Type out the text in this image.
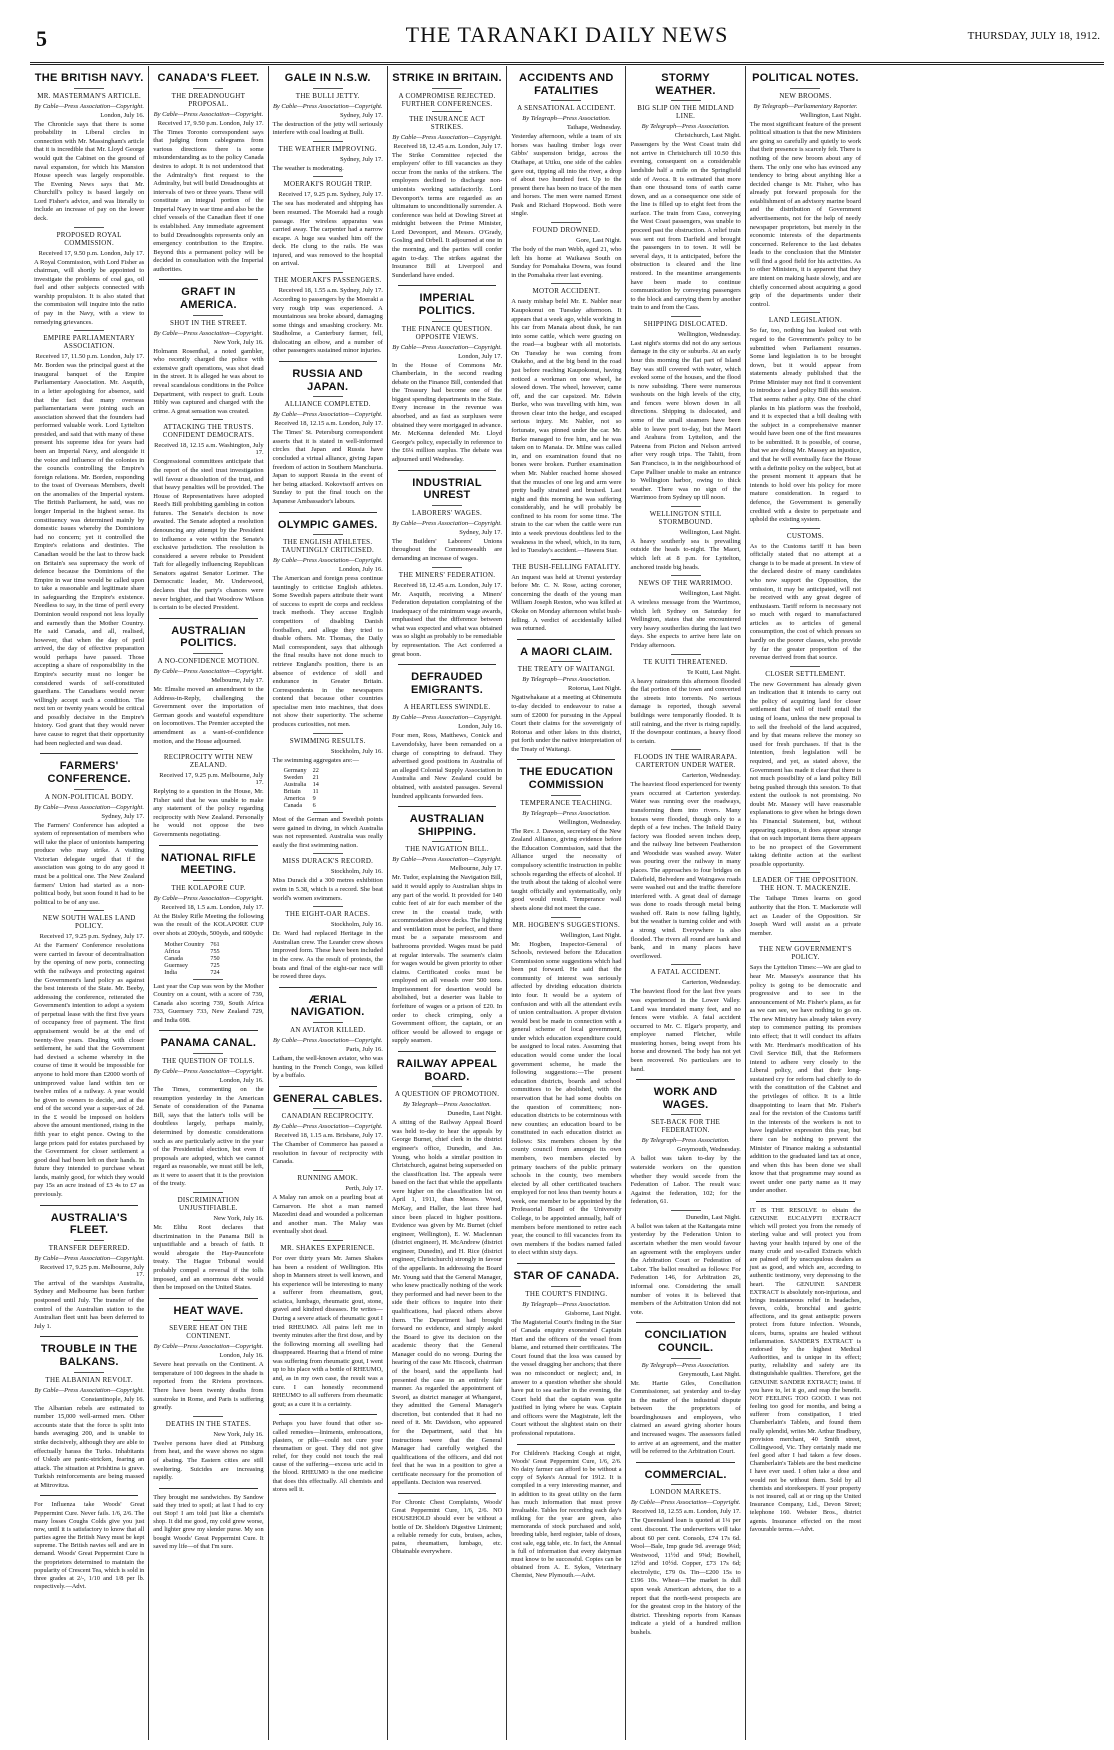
5	THE TARANAKI DAILY NEWS	THURSDAY, JULY 18, 1912.
THE BRITISH NAVY.
MR. MASTERMAN'S ARTICLE.
By Cable—Press Association—Copyright.
London, July 16.
The Chronicle says that there is some probability in Liberal circles in connection with Mr. Massingham's article that it is incredible that Mr. Lloyd George would quit the Cabinet on the ground of naval expansion, for which his Mansion House speech was largely responsible. The Evening News says that Mr. Churchill's policy is based largely on Lord Fisher's advice, and was literally to include an increase of pay on the lower deck.
PROPOSED ROYAL COMMISSION.
Received 17, 9.50 p.m. London, July 17.
A Royal Commission, with Lord Fisher as chairman, will shortly be appointed to investigate the problems of coal gas, oil fuel and other subjects connected with warship propulsion. It is also stated that the commission will inquire into the ratio of pay in the Navy, with a view to remedying grievances.
EMPIRE PARLIAMENTARY ASSOCIATION.
Received 17, 11.50 p.m. London, July 17.
Mr. Borden was the principal guest at the inaugural banquet of the Empire Parliamentary Association. Mr. Asquith, in a letter apologising for absence, said that the fact that many overseas parliamentarians were joining such an association showed that the founders had performed valuable work. Lord Lyttelton presided, and said that with many of these present his supreme idea for years had been an Imperial Navy, and alongside it the voice and influence of the colonies in the councils controlling the Empire's foreign relations. Mr. Borden, responding to the toast of Overseas Members, dwelt on the anomalies of the Imperial system. The British Parliament, he said, was no longer Imperial in the highest sense. Its constituency was determined mainly by domestic issues whereby the Dominions had no concern; yet it controlled the Empire's relations and destinies. The Canadian would be the last to throw back on Britain's sea supremacy the work of defence because the Dominions of the Empire in war time would be called upon to take a reasonable and legitimate share in safeguarding the Empire's existence. Needless to say, in the time of peril every Dominion would respond not less loyally and earnestly than the Mother Country. He said Canada, and all, realised, however, that when the day of peril arrived, the day of effective preparation would perhaps have passed. Those accepting a share of responsibility in the Empire's security must no longer be considered wards of self-constituted guardians. The Canadians would never willingly accept such a condition. The next ten or twenty years would be critical and possibly decisive in the Empire's history. God grant that they would never have cause to regret that their opportunity had been neglected and was dead.
FARMERS' CONFERENCE.
A NON-POLITICAL BODY.
By Cable—Press Association—Copyright.
Sydney, July 17.
The Farmers' Conference has adopted a system of representation of members who will take the place of unionists hampering produce who may strike. A visiting Victorian delegate urged that if the association was going to do any good it must be a political one. The New Zealand farmers' Union had started as a non-political body, but soon found it had to be political to be of any use.
NEW SOUTH WALES LAND POLICY.
Received 17, 9.25 p.m. Sydney, July 17.
At the Farmers' Conference resolutions were carried in favour of decentralisation by the opening of new ports, connecting with the railways and protecting against the Government's land policy as against the best interests of the State. Mr. Beeby, addressing the conference, reiterated the Government's intention to adopt a system of perpetual lease with the first five years of occupancy free of payment. The first appraisement would be at the end of twenty-five years. Dealing with closer settlement, he said that the Government had devised a scheme whereby in the course of time it would be impossible for anyone to hold more than £2000 worth of unimproved value land within ten or twelve miles of a railway. A year would be given to owners to decide, and at the end of the second year a super-tax of 2d. in the £ would be imposed on holders above the amount mentioned, rising in the fifth year to eight pence. Owing to the large prices paid for estates purchased by the Government for closer settlement a good deal had been left on their hands. In future they intended to purchase wheat lands, mainly good, for which they would pay 15s an acre instead of £3 4s to £7 as previously.
AUSTRALIA'S FLEET.
TRANSFER DEFERRED.
By Cable—Press Association—Copyright.
Received 17, 9.25 p.m. Melbourne, July 17.
The arrival of the warships Australia, Sydney and Melbourne has been further postponed until July. The transfer of the control of the Australian station to the Australian fleet unit has been deferred to July 1.
TROUBLE IN THE BALKANS.
THE ALBANIAN REVOLT.
By Cable—Press Association—Copyright.
Constantinople, July 16.
The Albanian rebels are estimated to number 15,000 well-armed men. Other accounts state that the force is split into bands averaging 200, and is unable to strike decisively, although they are able to effectually harass the Turks. Inhabitants of Uskub are panic-stricken, fearing an attack. The situation at Prishtina is grave. Turkish reinforcements are being massed at Mitrovitza.
For Influenza take Woods' Great Peppermint Cure. Never fails. 1/6, 2/6. The many losses Coughs Colds give you just now, until it is satisfactory to know that all parties agree the British Navy must be kept supreme. The British navies sell and are in demand. Woods' Great Peppermint Cure is the proprietors determined to maintain the popularity of Crescent Tea, which is sold in three grades at 2/-, 1/10 and 1/8 per lb. respectively.—Advt.
CANADA'S FLEET.
THE DREADNOUGHT PROPOSAL.
By Cable—Press Association—Copyright.
Received 17, 9.50 p.m. London, July 17.
The Times Toronto correspondent says that judging from cablegrams from various directions there is some misunderstanding as to the policy Canada desires to adopt. It is not understood that the Admiralty's first request to the Admiralty, but will build Dreadnoughts at intervals of two or three years. These will constitute an integral portion of the Imperial Navy in war time and also be the chief vessels of the Canadian fleet if one is established. Any immediate agreement to build Dreadnoughts represents only an emergency contribution to the Empire. Beyond this a permanent policy will be decided in consultation with the Imperial authorities.
GRAFT IN AMERICA.
SHOT IN THE STREET.
By Cable—Press Association—Copyright.
New York, July 16.
Holmann Rosenthal, a noted gambler, who recently charged the police with extensive graft operations, was shot dead in the street. It is alleged he was about to reveal scandalous conditions in the Police Department, with respect to graft. Louis Hibly was captured and charged with the crime. A great sensation was created.
ATTACKING THE TRUSTS. CONFIDENT DEMOCRATS.
Received 18, 12.15 a.m. Washington, July 17.
Congressional committees anticipate that the report of the steel trust investigation will favour a dissolution of the trust, and that heavy penalties will be provided. The House of Representatives have adopted Reed's Bill prohibiting gambling in cotton futures. The Senate's decision is now awaited. The Senate adopted a resolution denouncing any attempt by the President to influence a vote within the Senate's exclusive jurisdiction. The resolution is considered a severe rebuke to President Taft for allegedly influencing Republican Senators against Senator Lorimer. The Democratic leader, Mr. Underwood, declares that the party's chances were never brighter, and that Woodrow Wilson is certain to be elected President.
AUSTRALIAN POLITICS.
A NO-CONFIDENCE MOTION.
By Cable—Press Association—Copyright.
Melbourne, July 17.
Mr. Elmslie moved an amendment to the Address-in-Reply, challenging the Government over the importation of German goods and wasteful expenditure on locomotives. The Premier accepted the amendment as a want-of-confidence motion, and the House adjourned.
RECIPROCITY WITH NEW ZEALAND.
Received 17, 9.25 p.m. Melbourne, July 17.
Replying to a question in the House, Mr. Fisher said that he was unable to make any statement of the policy regarding reciprocity with New Zealand. Personally he would not oppose the two Governments negotiating.
NATIONAL RIFLE MEETING.
THE KOLAPORE CUP.
By Cable—Press Association—Copyright.
Received 18, 1.5 a.m. London, July 17.
At the Bisley Rifle Meeting the following was the result of the KOLAPORE CUP over shots at 200yds, 500yds, and 600yds:
Mother Country	761
Africa	755
Canada	750
Guernsey	725
India	724
Last year the Cup was won by the Mother Country on a count, with a score of 739, Canada also scoring 739, South Africa 733, Guernsey 733, New Zealand 729, and India 698.
PANAMA CANAL.
THE QUESTION OF TOLLS.
By Cable—Press Association—Copyright.
London, July 16.
The Times, commenting on the resumption yesterday in the American Senate of consideration of the Panama Bill, says that the latter's tolls will be doubtless largely, perhaps mainly, determined by domestic considerations such as are particularly active in the year of the Presidential election, but even if proposals are adopted, which we cannot regard as reasonable, we must still be left, as it were to assert that it is the provision of the treaty.
DISCRIMINATION UNJUSTIFIABLE.
New York, July 16.
Mr. Elihu Root declares that discrimination in the Panama Bill is unjustifiable and a breach of faith. It would abrogate the Hay-Pauncefote treaty. The Hague Tribunal would probably compel a reversal if the tolls imposed, and an enormous debt would then be imposed on the United States.
HEAT WAVE.
SEVERE HEAT ON THE CONTINENT.
By Cable—Press Association—Copyright.
London, July 16.
Severe heat prevails on the Continent. A temperature of 100 degrees in the shade is reported from the Riviera provinces. There have been twenty deaths from sunstroke in Rome, and Paris is suffering greatly.
DEATHS IN THE STATES.
New York, July 16.
Twelve persons have died at Pittsburg from heat, and the wave shows no signs of abating. The Eastern cities are still sweltering. Suicides are increasing rapidly.
They brought me sandwiches. By Sandow said they tried to spoil; at last I had to cry out Stop! I am told just like a chemist's shop. It did me good, my cold grew worse, and lighter grew my slender purse. My son bought Woods' Great Peppermint Cure. It saved my life—of that I'm sure.
GALE IN N.S.W.
THE BULLI JETTY.
By Cable—Press Association—Copyright.
Sydney, July 17.
The destruction of the jetty will seriously interfere with coal loading at Bulli.
THE WEATHER IMPROVING.
Sydney, July 17.
The weather is moderating.
MOERAKI'S ROUGH TRIP.
Received 17, 9.25 p.m. Sydney, July 17.
The sea has moderated and shipping has been resumed. The Moeraki had a rough passage. Her wireless apparatus was carried away. The carpenter had a narrow escape. A huge sea washed him off the deck. He clung to the rails. He was injured, and was removed to the hospital on arrival.
THE MOERAKI'S PASSENGERS.
Received 18, 1.55 a.m. Sydney, July 17.
According to passengers by the Moeraki a very rough trip was experienced. A mountainous sea broke aboard, damaging some things and smashing crockery. Mr. Studholme, a Canterbury farmer, fell, dislocating an elbow, and a number of other passengers sustained minor injuries.
RUSSIA AND JAPAN.
ALLIANCE COMPLETED.
By Cable—Press Association—Copyright.
Received 18, 12.15 a.m. London, July 17.
The Times' St. Petersburg correspondent asserts that it is stated in well-informed circles that Japan and Russia have concluded a virtual alliance, giving Japan freedom of action in Southern Manchuria. Japan to support Russia in the event of her being attacked. Kokovtsoff arrives on Sunday to put the final touch on the Japanese Ambassador's labours.
OLYMPIC GAMES.
THE ENGLISH ATHLETES. TAUNTINGLY CRITICISED.
By Cable—Press Association—Copyright.
London, July 16.
The American and foreign press continue tauntingly to criticise English athletes. Some Swedish papers attribute their want of success to esprit de corps and reckless track methods. They accuse English competitors of disabling Danish footballers, and allege they tried to disable others. Mr. Thomas, the Daily Mail correspondent, says that although the final results have not done much to retrieve England's position, there is an absence of evidence of skill and endurance in Greater Britain. Correspondents in the newspapers contend that because other countries specialise men into machines, that does not show their superiority. The scheme produces curiosities, not men.
SWIMMING RESULTS.
Stockholm, July 16.
The swimming aggregates are:—
Germany	22
Sweden	21
Australia	14
Britain	11
America	9
Canada	6
Most of the German and Swedish points were gained in diving, in which Australia was not represented. Australia was really easily the first swimming nation.
MISS DURACK'S RECORD.
Stockholm, July 16.
Miss Durack did a 300 metres exhibition swim in 5.38, which is a record. She beat world's women swimmers.
THE EIGHT-OAR RACES.
Stockholm, July 16.
Dr. Ward had replaced Heritage in the Australian crew. The Leander crew shows improved form. These have been included in the crew. As the result of protests, the boats and final of the eight-oar race will be rowed three days.
ÆRIAL NAVIGATION.
AN AVIATOR KILLED.
By Cable—Press Association—Copyright.
Paris, July 16.
Latham, the well-known aviator, who was hunting in the French Congo, was killed by a buffalo.
GENERAL CABLES.
CANADIAN RECIPROCITY.
By Cable—Press Association—Copyright.
Received 18, 1.15 a.m. Brisbane, July 17.
The Chamber of Commerce has passed a resolution in favour of reciprocity with Canada.
RUNNING AMOK.
Perth, July 17.
A Malay ran amok on a pearling boat at Carnarvon. He shot a man named Mazedini dead and wounded a policeman and another man. The Malay was eventually shot dead.
MR. SHAKES EXPERIENCE.
For over thirty years Mr. James Shakes has been a resident of Wellington. His shop in Manners street is well known, and his experience will be interesting to many a sufferer from rheumatism, gout, sciatica, lumbago, rheumatic gout, stone, gravel and kindred diseases. He writes— During a severe attack of rheumatic gout I tried RHEUMO. All pains left me in twenty minutes after the first dose, and by the following morning all swelling had disappeared. Hearing that a friend of mine was suffering from rheumatic gout, I went up to his place with a bottle of RHEUMO, and, as in my own case, the result was a cure. I can honestly recommend RHEUMO to all sufferers from rheumatic gout; as a cure it is a certainty.
Perhaps you have found that other so-called remedies—liniments, embrocations, plasters, or pills—could not cure your rheumatism or gout. They did not give relief, for they could not touch the real cause of the suffering—excess uric acid in the blood. RHEUMO is the one medicine that does this effectually. All chemists and stores sell it.
STRIKE IN BRITAIN.
A COMPROMISE REJECTED. FURTHER CONFERENCES.
THE INSURANCE ACT STRIKES.
By Cable—Press Association—Copyright.
Received 18, 12.45 a.m. London, July 17.
The Strike Committee rejected the employers' offer to fill vacancies as they occur from the ranks of the strikers. The employers declined to discharge non-unionists working satisfactorily. Lord Devonport's terms are regarded as an ultimatum to unconditionally surrender. A conference was held at Dowling Street at midnight between the Prime Minister, Lord Devonport, and Messrs. O'Grady, Gosling and Orbell. It adjourned at one in the morning, and the parties will confer again to-day. The strikes against the Insurance Bill at Liverpool and Sunderland have ended.
IMPERIAL POLITICS.
THE FINANCE QUESTION. OPPOSITE VIEWS.
By Cable—Press Association—Copyright.
London, July 17.
In the House of Commons Mr. Chamberlain, in the second reading debate on the Finance Bill, contended that the Treasury had become one of the biggest spending departments in the State. Every increase in the revenue was absorbed, and as fast as surpluses were obtained they were mortgaged in advance. Mr. McKenna defended Mr. Lloyd George's policy, especially in reference to the £6¼ million surplus. The debate was adjourned until Wednesday.
INDUSTRIAL UNREST
LABORERS' WAGES.
By Cable—Press Association—Copyright.
Sydney, July 17.
The Builders' Laborers' Unions throughout the Commonwealth are demanding an increase of wages.
THE MINERS' FEDERATION.
Received 18, 12.45 a.m. London, July 17.
Mr. Asquith, receiving a Miners' Federation deputation complaining of the inadequacy of the minimum wage awards, emphasised that the difference between what was expected and what was obtained was so slight as probably to be remediable by representation. The Act conferred a great boon.
DEFRAUDED EMIGRANTS.
A HEARTLESS SWINDLE.
By Cable—Press Association—Copyright.
London, July 16.
Four men, Ross, Matthews, Conick and Lavendofsky, have been remanded on a charge of conspiring to defraud. They advertised good positions in Australia of an alleged Colonial Supply Association in Australia and New Zealand could be obtained, with assisted passages. Several hundred applicants forwarded fees.
AUSTRALIAN SHIPPING.
THE NAVIGATION BILL.
By Cable—Press Association—Copyright.
Melbourne, July 17.
Mr. Tudor, explaining the Navigation Bill, said it would apply to Australian ships in any part of the world. It provided for 140 cubic feet of air for each member of the crew in the coastal trade, with accommodation above decks. The lighting and ventilation must be perfect, and there must be a separate messroom and bathrooms provided. Wages must be paid at regular intervals. The seamen's claim for wages would be given priority to other claims. Certificated cooks must be employed on all vessels over 500 tons. Imprisonment for desertion would be abolished, but a deserter was liable to forfeiture of wages or a prison of £20. In order to check crimping, only a Government officer, the captain, or an officer would be allowed to engage or supply seamen.
RAILWAY APPEAL BOARD.
A QUESTION OF PROMOTION.
By Telegraph—Press Association.
Dunedin, Last Night.
A sitting of the Railway Appeal Board was held to-day to hear the appeals by George Burnet, chief clerk in the district engineer's office, Dunedin, and Jas. Young, who holds a similar position in Christchurch, against being superseded on the classification list. The appeals were based on the fact that while the appellants were higher on the classification list on April 1, 1911, than Messrs. Wood, McKay, and Haller, the last three had since been placed in higher positions. Evidence was given by Mr. Burnet (chief engineer, Wellington), E. W. Maclennan (district engineer), H. McAndrew (district engineer, Dunedin), and H. Rice (district engineer, Christchurch) strongly in favour of the appellants. In addressing the Board Mr. Young said that the General Manager, who knew practically nothing of the work they performed and had never been to the side their offices to inquire into their qualifications, had placed others above them. The Department had brought forward no evidence, and simply asked the Board to give its decision on the academic theory that the General Manager could do no wrong. During the hearing of the case Mr. Hiscock, chairman of the board, said the appellants had presented the case in an entirely fair manner. As regarded the appointment of Sword, as district manager at Whangarei, they admitted the General Manager's discretion, but contended that it had no need of it. Mr. Davidson, who appeared for the Department, said that his instructions were that the General Manager had carefully weighed the qualifications of the officers, and did not feel that he was in a position to give a certificate necessary for the promotion of appellants. Decision was reserved.
For Chronic Chest Complaints, Woods' Great Peppermint Cure, 1/6, 2/6. NO HOUSEHOLD should ever be without a bottle of Dr. Sheldon's Digestive Liniment; a reliable remedy for cuts, bruises, aches, pains, rheumatism, lumbago, etc. Obtainable everywhere.
ACCIDENTS AND FATALITIES
A SENSATIONAL ACCIDENT.
By Telegraph—Press Association.
Taihape, Wednesday.
Yesterday afternoon, while a team of six horses was hauling timber logs over Gibbs' suspension bridge, across the Otaihape, at Utiku, one side of the cables gave out, tipping all into the river, a drop of about two hundred feet. Up to the present there has been no trace of the men and horses. The men were named Ernest Pask and Richard Hopwood. Both were single.
FOUND DROWNED.
Gore, Last Night.
The body of the man Webb, aged 21, who left his home at Waikawa South on Sunday for Pomahaka Downs, was found in the Pomahaka river last evening.
MOTOR ACCIDENT.
A nasty mishap befel Mr. E. Nabler near Kaupokonui on Tuesday afternoon. It appears that a week ago, while working in his car from Manaia about dusk, he ran into some cattle, which were grazing on the road—a bugbear with all motorists. On Tuesday he was coming from Otakeho, and at the big bend in the road just before reaching Kaupokonui, having noticed a workman on one wheel, he slowed down. The wheel, however, came off, and the car capsized. Mr. Edwin Burke, who was travelling with him, was thrown clear into the hedge, and escaped serious injury. Mr. Nabler, not so fortunate, was pinned under the car. Mr. Burke managed to free him, and he was taken on to Manaia. Dr. Milne was called in, and on examination found that no bones were broken. Further examination when Mr. Nabler reached home showed that the muscles of one leg and arm were pretty badly strained and bruised. Last night and this morning he was suffering considerably, and he will probably be confined to his room for some time. The strain to the car when the cattle were run into a week previous doubtless led to the weakness in the wheel, which, in its turn, led to Tuesday's accident.—Hawera Star.
THE BUSH-FELLING FATALITY.
An inquest was held at Urenui yesterday before Mr. C. N. Rose, acting coroner, concerning the death of the young man William Joseph Reston, who was killed at Okoke on Monday afternoon whilst bush-felling. A verdict of accidentally killed was returned.
A MAORI CLAIM.
THE TREATY OF WAITANGI.
By Telegraph—Press Association.
Rotorua, Last Night.
Ngatiwhakaue at a meeting at Ohinemutu to-day decided to endeavour to raise a sum of £2000 for pursuing in the Appeal Court their claims for the sovereignty of Rotorua and other lakes in this district, put forth under the native interpretation of the Treaty of Waitangi.
THE EDUCATION COMMISSION
TEMPERANCE TEACHING.
By Telegraph—Press Association.
Wellington, Wednesday.
The Rev. J. Dawson, secretary of the New Zealand Alliance, giving evidence before the Education Commission, said that the Alliance urged the necessity of compulsory scientific instruction in public schools regarding the effects of alcohol. If the truth about the taking of alcohol were taught officially and systematically, only good would result. Temperance wall sheets alone did not meet the case.
MR. HOGBEN'S SUGGESTIONS.
Wellington, Last Night.
Mr. Hogben, Inspector-General of Schools, reviewed before the Education Commission some suggestions which had been put forward. He said that the community of interest was seriously affected by dividing education districts into four. It would be a system of confusion and with all the attendant evils of union centralisation. A proper division would best be made in connection with a general scheme of local government, under which education expenditure could be assigned to local rates. Assuming that education would come under the local government scheme, he made the following suggestions:—The present education districts, boards and school committees to be abolished, with the reservation that he had some doubts on the question of committees; non-education districts to be coterminous with new counties; an education board to be constituted in each education district as follows: Six members chosen by the county council from amongst its own members, two members elected by primary teachers of the public primary schools in the county, two members elected by all other certificated teachers employed for not less than twenty hours a week, one member to be appointed by the Professorial Board of the University College, to be appointed annually, half of members before mentioned to retire each year, the council to fill vacancies from its own members if the bodies named failed to elect within sixty days.
STAR OF CANADA.
THE COURT'S FINDING.
By Telegraph—Press Association.
Gisborne, Last Night.
The Magisterial Court's finding in the Star of Canada enquiry exonerated Captain Hart and the officers of the vessel from blame, and returned their certificates. The Court found that the loss was caused by the vessel dragging her anchors; that there was no misconduct or neglect; and, in answer to a question whether she should have put to sea earlier in the evening, the Court held that the captain was quite justified in lying where he was. Captain and officers were the Magistrate, left the Court without the slightest stain on their professional reputations.
For Children's Hacking Cough at night, Woods' Great Peppermint Cure, 1/6, 2/6. No dairy farmer can afford to be without a copy of Sykes's Annual for 1912. It is compiled in a very interesting manner, and in addition to its great utility on the farm has much information that must prove invaluable. Tables for recording each day's milking for the year are given, also memoranda of stock purchased and sold, breeding table, herd register, table of doses, cost sale, egg table, etc. In fact, the Annual is full of information that every dairyman must know to be successful. Copies can be obtained from A. E. Sykes, Veterinary Chemist, New Plymouth.—Advt.
STORMY WEATHER.
BIG SLIP ON THE MIDLAND LINE.
By Telegraph—Press Association.
Christchurch, Last Night.
Passengers by the West Coast train did not arrive in Christchurch till 10.50 this evening, consequent on a considerable landslide half a mile on the Springfield side of Avoca. It is estimated that more than one thousand tons of earth came down, and as a consequence one side of the line is filled up to eight feet from the surface. The train from Cass, conveying the West Coast passengers, was unable to proceed past the obstruction. A relief train was sent out from Darfield and brought the passengers in to town. It will be several days, it is anticipated, before the obstruction is cleared and the line restored. In the meantime arrangements have been made to continue communication by conveying passengers to the block and carrying them by another train to and from the Cass.
SHIPPING DISLOCATED.
Wellington, Wednesday.
Last night's storms did not do any serious damage in the city or suburbs. At an early hour this morning the flat part of Island Bay was still covered with water, which evoked some of the houses, and the flood is now subsiding. There were numerous washouts on the high levels of the city, and fences were blown down in all directions. Shipping is dislocated, and some of the small steamers have been able to leave port to-day, but the Maori and Arahura from Lyttelton, and the Pateena from Picton and Nelson arrived after very rough trips. The Tahiti, from San Francisco, is in the neighbourhood of Cape Palliser unable to make an entrance to Wellington harbor, owing to thick weather. There was no sign of the Warrimoo from Sydney up till noon.
WELLINGTON STILL STORMBOUND.
Wellington, Last Night.
A heavy southerly sea is prevailing outside the heads to-night. The Maori, which left at 8 p.m. for Lyttelton, anchored inside big heads.
NEWS OF THE WARRIMOO.
Wellington, Last Night.
A wireless message from the Warrimoo, which left Sydney on Saturday for Wellington, states that she encountered very heavy southerlies during the last two days. She expects to arrive here late on Friday afternoon.
TE KUITI THREATENED.
Te Kuiti, Last Night.
A heavy rainstorm this afternoon flooded the flat portion of the town and converted the streets into torrents. No serious damage is reported, though several buildings were temporarily flooded. It is still raining, and the river is rising rapidly. If the downpour continues, a heavy flood is certain.
FLOODS IN THE WAIRARAPA. CARTERTON UNDER WATER.
Carterton, Wednesday.
The heaviest flood experienced for twenty years occurred at Carterton yesterday. Water was running over the roadways, transforming them into rivers. Many houses were flooded, though only to a depth of a few inches. The Infield Dairy factory was flooded seven inches deep, and the railway line between Featherston and Woodside was washed away. Water was pouring over the railway in many places. The approaches to four bridges on Dalefield, Belvedere and Waingawa roads were washed out and the traffic therefore interfered with. A great deal of damage was done to roads through metal being washed off. Rain is now falling lightly, but the weather is turning colder and with a strong wind. Everywhere is also flooded. The rivers all round are bank and bank, and in many places have overflowed.
A FATAL ACCIDENT.
Carterton, Wednesday.
The heaviest flood for the last five years was experienced in the Lower Valley. Land was inundated many feet, and no fences were visible. A fatal accident occurred to Mr. C. Elgar's property, and employee named Fletcher, while mustering horses, being swept from his horse and drowned. The body has not yet been recovered. No particulars are to hand.
WORK AND WAGES.
SET-BACK FOR THE FEDERATION.
By Telegraph—Press Association.
Greymouth, Wednesday.
A ballot was taken to-day by the waterside workers on the question whether they would secede from the Federation of Labor. The result was: Against the federation, 102; for the federation, 61.
Dunedin, Last Night.
A ballot was taken at the Kaitangata mine yesterday by the Federation Union to ascertain whether the men would favour an agreement with the employers under the Arbitration Court or Federation of Labor. The ballot resulted as follows: For Federation 146, for Arbitration 26, informal one. Considering the small number of votes it is believed that members of the Arbitration Union did not vote.
CONCILIATION COUNCIL.
By Telegraph—Press Association.
Greymouth, Last Night.
Mr. Hartie Giles, Conciliation Commissioner, sat yesterday and to-day in the matter of the industrial dispute between the proprietors of boardinghouses and employees, who claimed an award giving shorter hours and increased wages. The assessors failed to arrive at an agreement, and the matter will be referred to the Arbitration Court.
COMMERCIAL.
LONDON MARKETS.
By Cable—Press Association—Copyright.
Received 18, 12.55 a.m. London, July 17.
The Queensland loan is quoted at 1¼ per cent. discount. The underwriters will take about 60 per cent. Consols, £74 17s 6d. Wool—Bale, Imp grade 9d. average 9¼d; Westwood, 11½d and 9⅝d; Bowhell, 12½d and 10½d. Copper, £73 17s 6d; electrolytic, £79 0s. Tin—£200 15s to £196 10s. Wheat—The market is dull upon weak American advices, due to a report that the north-west prospects are for the greatest crop in the history of the district. Threshing reports from Kansas indicate a yield of a hundred million bushels.
POLITICAL NOTES.
NEW BROOMS.
By Telegraph—Parliamentary Reporter.
Wellington, Last Night.
The most significant feature of the present political situation is that the new Ministers are going so carefully and quietly to work that their presence is scarcely felt. There is nothing of the new broom about any of them. The only one who has evinced any tendency to bring about anything like a decided change is Mr. Fisher, who has already put forward proposals for the establishment of an advisory marine board and the distribution of Government advertisements, not for the help of needy newspaper proprietors, but merely in the economic interests of the departments concerned. Reference to the last debates leads to the conclusion that the Minister will find a good field for his activities. As to other Ministers, it is apparent that they are intent on making haste slowly, and are chiefly concerned about acquiring a good grip of the departments under their control.
LAND LEGISLATION.
So far, too, nothing has leaked out with regard to the Government's policy to be submitted when Parliament resumes. Some land legislation is to be brought down, but it would appear from statements already published that the Prime Minister may not find it convenient to introduce a land policy Bill this session. That seems rather a pity. One of the chief planks in his platform was the freehold, and it is expected that a bill dealing with the subject in a comprehensive manner would have been one of the first measures to be submitted. It is possible, of course, that we are doing Mr. Massey an injustice, and that he will eventually face the House with a definite policy on the subject, but at the present moment it appears that he intends to hold over his policy for more mature consideration. In regard to defence, the Government is generally credited with a desire to perpetuate and uphold the existing system.
CUSTOMS.
As to the Customs tariff it has been officially stated that no attempt at a change is to be made at present. In view of the declared desire of many candidates who now support the Opposition, the omission, it may be anticipated, will not be received with any great degree of enthusiasm. Tariff reform is necessary not so much with regard to manufactured articles as to articles of general consumption, the cost of which presses so hardly on the poorer classes, who provide by far the greater proportion of the revenue derived from that source.
CLOSER SETTLEMENT.
The new Government has already given an indication that it intends to carry out the policy of acquiring land for closer settlement that will of itself entail the using of loans, unless the new proposal is to sell the freehold of the land acquired, and by that means relieve the money so used for fresh purchases. If that is the intention, fresh legislation will be required, and yet, as stated above, the Government has made it clear that there is not much possibility of a land policy Bill being pushed through this session. To that extent the outlook is not promising. No doubt Mr. Massey will have reasonable explanations to give when he brings down his Financial Statement, but, without appearing captious, it does appear strange that on such important items there appears to be no prospect of the Government taking definite action at the earliest possible opportunity.
LEADER OF THE OPPOSITION. THE HON. T. MACKENZIE.
The Taihape Times learns on good authority that the Hon. T. Mackenzie will act as Leader of the Opposition. Sir Joseph Ward will assist as a private member.
THE NEW GOVERNMENT'S POLICY.
Says the Lyttelton Times:—We are glad to hear Mr. Massey's assurance that his policy is going to be democratic and progressive and to see in the announcement of Mr. Fisher's plans, as far as we can see, we have nothing to go on. The new Ministry has already taken every step to commence putting its promises into effect; that it will conduct its affairs with Mr. Herdman's modification of his Civil Service Bill, that the Reformers intend to adhere very closely to the Liberal policy, and that their long-sustained cry for reform had chiefly to do with the constitution of the Cabinet and the privileges of office. It is a little disappointing to learn that Mr. Fisher's zeal for the revision of the Customs tariff in the interests of the workers is not to have legislative expression this year, but there can be nothing to prevent the Minister of Finance making a substantial addition to the graduated land tax at once, and when this has been done we shall know that that programme may sound as sweet under one party name as it may under another.
IT IS THE RESOLVE to obtain the GENUINE EUCALYPTI EXTRACT which will protect you from the remedy of sterling value and will protect you from having your health injured by one of the many crude and so-called Extracts which are palmed off by unscrupulous dealers as just as good, and which are, according to authentic testimony, very depressing to the heart. The GENUINE SANDER EXTRACT is absolutely non-injurious, and brings instantaneous relief in headaches, fevers, colds, bronchial and gastric affections, and its great antiseptic powers protect from future infection. Wounds, ulcers, burns, sprains are healed without inflammation. SANDER'S EXTRACT is endorsed by the highest Medical Authorities, and is unique in its effect; purity, reliability and safety are its distinguishable qualities. Therefore, get the GENUINE SANDER EXTRACT; insist. If you have to, let it go, and reap the benefit. NOT FEELING TOO GOOD. I was not feeling too good for months, and being a sufferer from constipation, I tried Chamberlain's Tablets, and found them really splendid, writes Mr. Arthur Bradbury, provision merchant, 40 Smith street, Collingwood, Vic. They certainly made me feel good after I had taken a few doses. Chamberlain's Tablets are the best medicine I have ever used. I often take a dose and would not be without them. Sold by all chemists and storekeepers. If your property is not insured, call at or ring up the United Insurance Company, Ltd., Devon Street; telephone 160. Webster Bros., district agents. Insurance effected on the most favourable terms.—Advt.
